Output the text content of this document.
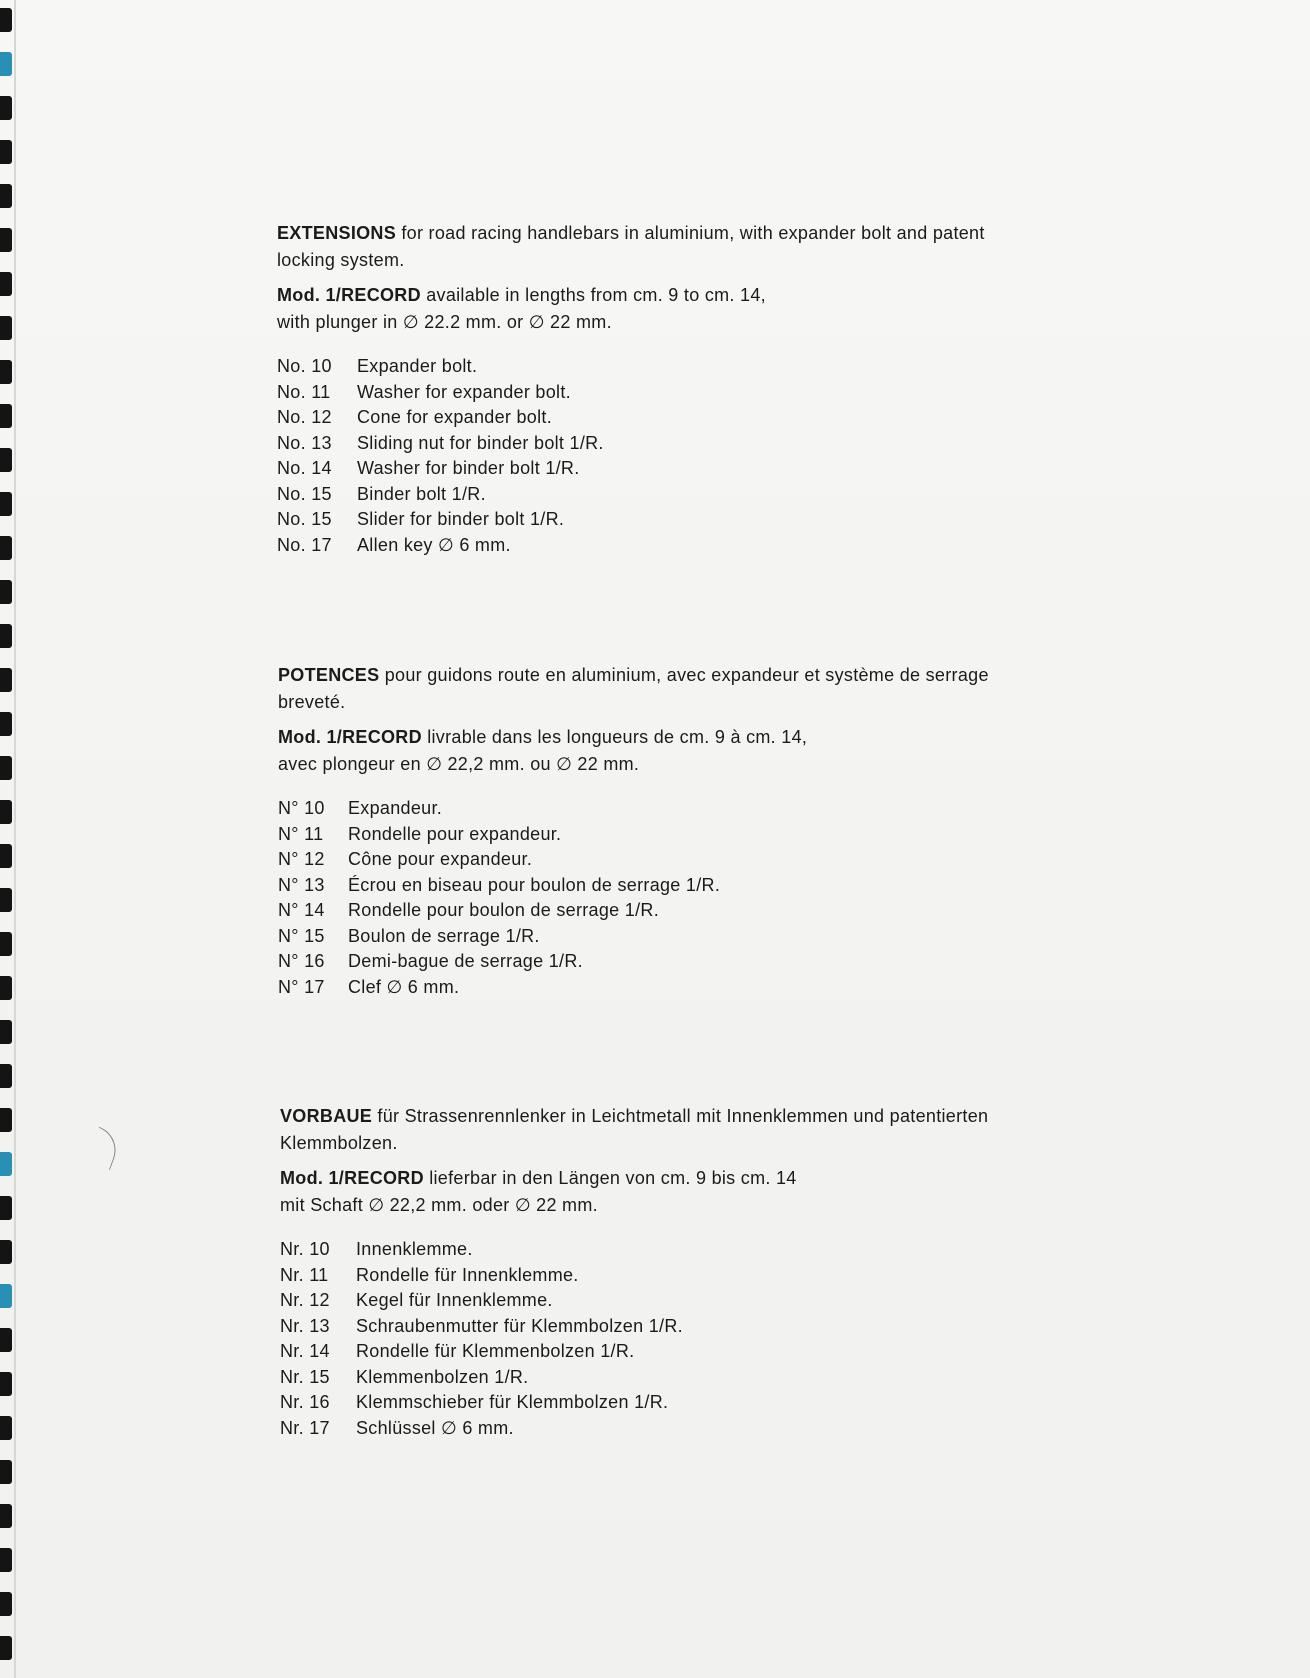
EXTENSIONS for road racing handlebars in aluminium, with expander bolt and patent locking system.

Mod. 1/RECORD available in lengths from cm. 9 to cm. 14,
with plunger in ∅ 22.2 mm. or ∅ 22 mm.

No. 10	Expander bolt.
No. 11	Washer for expander bolt.
No. 12	Cone for expander bolt.
No. 13	Sliding nut for binder bolt 1/R.
No. 14	Washer for binder bolt 1/R.
No. 15	Binder bolt 1/R.
No. 15	Slider for binder bolt 1/R.
No. 17	Allen key ∅ 6 mm.

POTENCES pour guidons route en aluminium, avec expandeur et système de serrage breveté.

Mod. 1/RECORD livrable dans les longueurs de cm. 9 à cm. 14,
avec plongeur en ∅ 22,2 mm. ou ∅ 22 mm.

N° 10	Expandeur.
N° 11	Rondelle pour expandeur.
N° 12	Cône pour expandeur.
N° 13	Écrou en biseau pour boulon de serrage 1/R.
N° 14	Rondelle pour boulon de serrage 1/R.
N° 15	Boulon de serrage 1/R.
N° 16	Demi-bague de serrage 1/R.
N° 17	Clef ∅ 6 mm.

VORBAUE für Strassenrennlenker in Leichtmetall mit Innenklemmen und patentierten Klemmbolzen.

Mod. 1/RECORD lieferbar in den Längen von cm. 9 bis cm. 14
mit Schaft ∅ 22,2 mm. oder ∅ 22 mm.

Nr. 10	Innenklemme.
Nr. 11	Rondelle für Innenklemme.
Nr. 12	Kegel für Innenklemme.
Nr. 13	Schraubenmutter für Klemmbolzen 1/R.
Nr. 14	Rondelle für Klemmenbolzen 1/R.
Nr. 15	Klemmenbolzen 1/R.
Nr. 16	Klemmschieber für Klemmbolzen 1/R.
Nr. 17	Schlüssel ∅ 6 mm.
